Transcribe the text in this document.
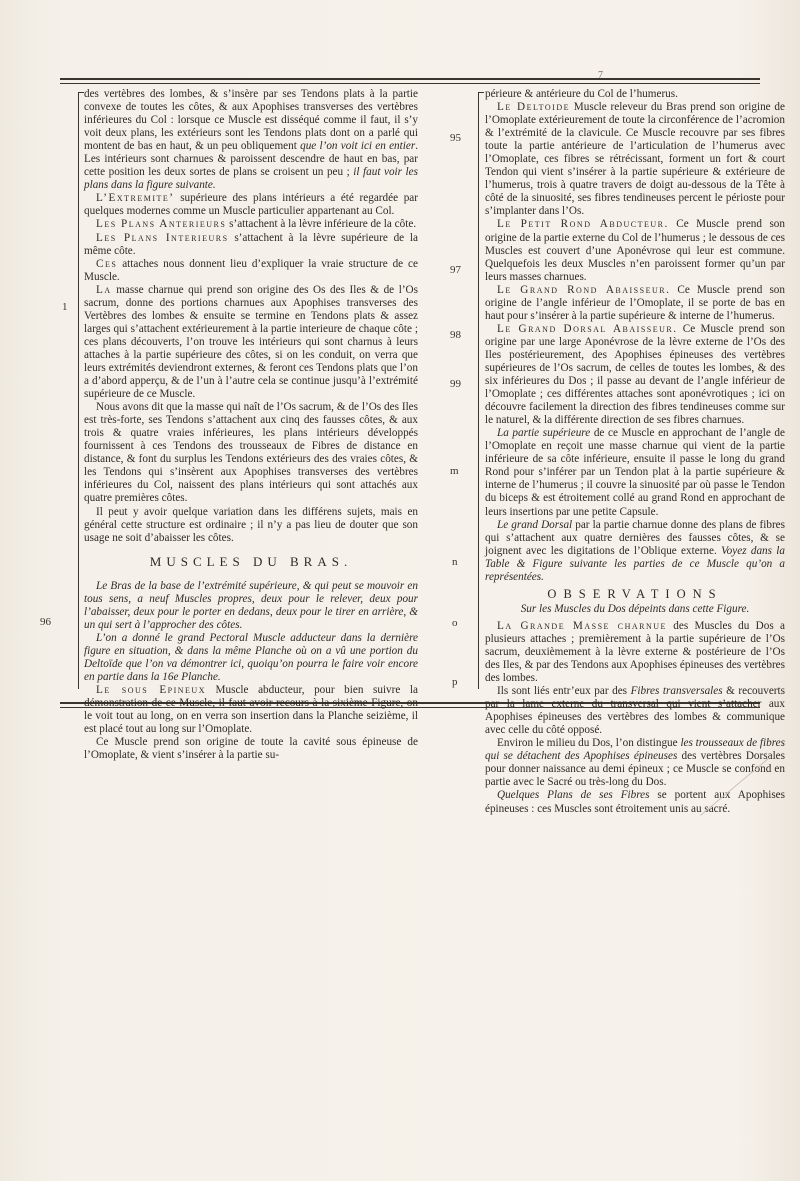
7
1
96
95
97
98
99
m
n
o
p

des vertèbres des lombes, & s’insère par ses Tendons plats à la partie convexe de toutes les côtes, & aux Apophises transverses des vertèbres inférieures du Col : lorsque ce Muscle est disséqué comme il faut, il s’y voit deux plans, les extérieurs sont les Tendons plats dont on a parlé qui montent de bas en haut, & un peu obliquement que l’on voit ici en entier. Les intérieurs sont charnues & paroissent descendre de haut en bas, par cette position les deux sortes de plans se croisent un peu ; il faut voir les plans dans la figure suivante.

L’Extremite’ supérieure des plans intérieurs a été regardée par quelques modernes comme un Muscle particulier appartenant au Col.

Les Plans Anterieurs s’attachent à la lèvre inférieure de la côte.

Les Plans Interieurs s’attachent à la lèvre supérieure de la même côte.

Ces attaches nous donnent lieu d’expliquer la vraie structure de ce Muscle.

La masse charnue qui prend son origine des Os des Iles & de l’Os sacrum, donne des portions charnues aux Apophises transverses des Vertèbres des lombes & ensuite se termine en Tendons plats & assez larges qui s’attachent extérieurement à la partie interieure de chaque côte ; ces plans découverts, l’on trouve les intérieurs qui sont charnus à leurs attaches à la partie supérieure des côtes, si on les conduit, on verra que leurs extrémités deviendront externes, & feront ces Tendons plats que l’on a d’abord apperçu, & de l’un à l’autre cela se continue jusqu’à l’extrémité supérieure de ce Muscle.

Nous avons dit que la masse qui naît de l’Os sacrum, & de l’Os des Iles est très-forte, ses Tendons s’attachent aux cinq des fausses côtes, & aux trois & quatre vraies inférieures, les plans intérieurs développés fournissent à ces Tendons des trousseaux de Fibres de distance en distance, & font du surplus les Tendons extérieurs des des vraies côtes, & les Tendons qui s’insèrent aux Apophises transverses des vertèbres inférieures du Col, naissent des plans intérieurs qui sont attachés aux quatre premières côtes.

Il peut y avoir quelque variation dans les différens sujets, mais en général cette structure est ordinaire ; il n’y a pas lieu de douter que son usage ne soit d’abaisser les côtes.

MUSCLES DU BRAS.

Le Bras de la base de l’extrémité supérieure, & qui peut se mouvoir en tous sens, a neuf Muscles propres, deux pour le relever, deux pour l’abaisser, deux pour le porter en dedans, deux pour le tirer en arrière, & un qui sert à l’approcher des côtes.

L’on a donné le grand Pectoral Muscle adducteur dans la dernière figure en situation, & dans la même Planche où on a vû une portion du Deltoïde que l’on va démontrer ici, quoiqu’on pourra le faire voir encore en partie dans la 16e Planche.

Le sous Epineux Muscle abducteur, pour bien suivre la démonstration de ce Muscle, il faut avoir recours à la sixième Figure, on le voit tout au long, on en verra son insertion dans la Planche seizième, il est placé tout au long sur l’Omoplate.

Ce Muscle prend son origine de toute la cavité sous épineuse de l’Omoplate, & vient s’insérer à la partie su-

périeure & antérieure du Col de l’humerus.

Le Deltoide Muscle releveur du Bras prend son origine de l’Omoplate extérieurement de toute la circonférence de l’acromion & l’extrémité de la clavicule. Ce Muscle recouvre par ses fibres toute la partie antérieure de l’articulation de l’humerus avec l’Omoplate, ces fibres se rétrécissant, forment un fort & court Tendon qui vient s’insérer à la partie supérieure & extérieure de l’humerus, trois à quatre travers de doigt au-dessous de la Tête à côté de la sinuosité, ses fibres tendineuses percent le périoste pour s’implanter dans l’Os.

Le Petit Rond Abducteur. Ce Muscle prend son origine de la partie externe du Col de l’humerus ; le dessous de ces Muscles est couvert d’une Aponévrose qui leur est commune. Quelquefois les deux Muscles n’en paroissent former qu’un par leurs masses charnues.

Le Grand Rond Abaisseur. Ce Muscle prend son origine de l’angle inférieur de l’Omoplate, il se porte de bas en haut pour s’insérer à la partie supérieure & interne de l’humerus.

Le Grand Dorsal Abaisseur. Ce Muscle prend son origine par une large Aponévrose de la lèvre externe de l’Os des Iles postérieurement, des Apophises épineuses des vertèbres supérieures de l’Os sacrum, de celles de toutes les lombes, & des six inférieures du Dos ; il passe au devant de l’angle inférieur de l’Omoplate ; ces différentes attaches sont aponévrotiques ; ici on découvre facilement la direction des fibres tendineuses comme sur le naturel, & la différente direction de ses fibres charnues.

La partie supérieure de ce Muscle en approchant de l’angle de l’Omoplate en reçoit une masse charnue qui vient de la partie inférieure de sa côte inférieure, ensuite il passe le long du grand Rond pour s’inférer par un Tendon plat à la partie supérieure & interne de l’humerus ; il couvre la sinuosité par où passe le Tendon du biceps & est étroitement collé au grand Rond en approchant de leurs insertions par une petite Capsule.

Le grand Dorsal par la partie charnue donne des plans de fibres qui s’attachent aux quatre dernières des fausses côtes, & se joignent avec les digitations de l’Oblique externe. Voyez dans la Table & Figure suivante les parties de ce Muscle qu’on a représentées.

OBSERVATIONS

Sur les Muscles du Dos dépeints dans cette Figure.

La Grande Masse charnue des Muscles du Dos a plusieurs attaches ; premièrement à la partie supérieure de l’Os sacrum, deuxièmement à la lèvre externe & postérieure de l’Os des Iles, & par des Tendons aux Apophises épineuses des vertèbres des lombes.

Ils sont liés entr’eux par des Fibres transversales & recouverts par la lame externe du transversal qui vient s’attacher aux Apophises épineuses des vertèbres des lombes & communique avec celle du côté opposé.

Environ le milieu du Dos, l’on distingue les trousseaux de fibres qui se détachent des Apophises épineuses des vertèbres Dorsales pour donner naissance au demi épineux ; ce Muscle se confond en partie avec le Sacré ou très-long du Dos.

Quelques Plans de ses Fibres se portent aux Apophises épineuses : ces Muscles sont étroitement unis au sacré.
